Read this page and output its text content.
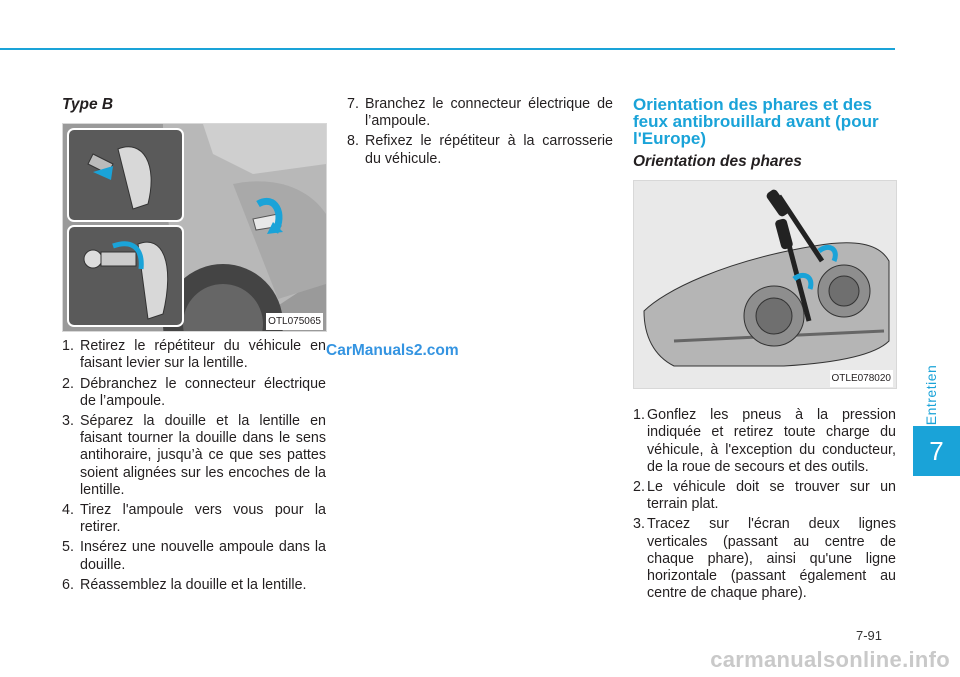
Entretien
7
Type B
OTL075065
1. Retirez le répétiteur du véhicule en faisant levier sur la lentille.
2. Débranchez le connecteur électrique de l’ampoule.
3. Séparez la douille et la lentille en faisant tourner la douille dans le sens antihoraire, jusqu’à ce que ses pattes soient alignées sur les encoches de la lentille.
4. Tirez l'ampoule vers vous pour la retirer.
5. Insérez une nouvelle ampoule dans la douille.
6. Réassemblez la douille et la lentille.
7. Branchez le connecteur électrique de l’ampoule.
8. Refixez le répétiteur à la carrosserie du véhicule.
Orientation des phares et des feux antibrouillard avant (pour l'Europe)
Orientation des phares
OTLE078020
1. Gonflez les pneus à la pression indiquée et retirez toute charge du véhicule, à l'exception du conducteur, de la roue de secours et des outils.
2. Le véhicule doit se trouver sur un terrain plat.
3. Tracez sur l'écran deux lignes verticales (passant au centre de chaque phare), ainsi qu'une ligne horizontale (passant également au centre de chaque phare).
CarManuals2.com
7-91
carmanualsonline.info
